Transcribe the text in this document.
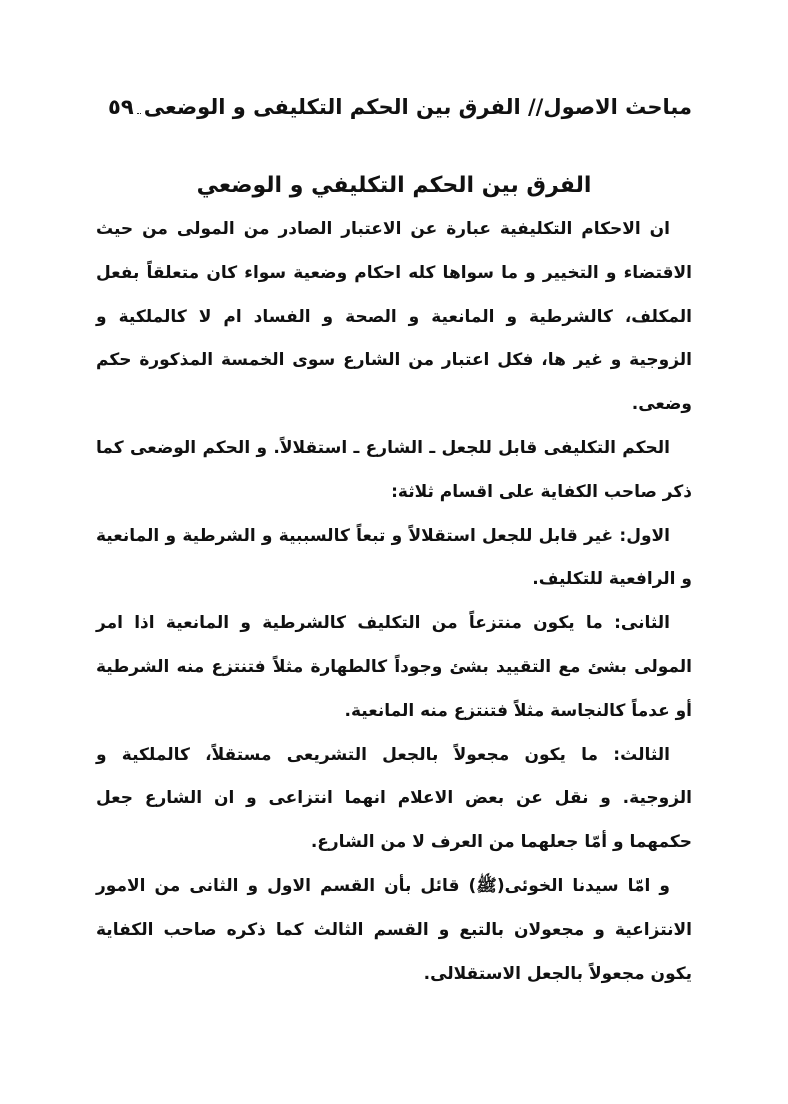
مباحث الاصول// الفرق بين الحكم التكليفى و الوضعى
٥٩
الفرق بين الحكم التكليفي و الوضعي

ان الاحكام التكليفية عبارة عن الاعتبار الصادر من المولى من حيث الاقتضاء و التخيير و ما سواها كله احكام وضعية سواء كان متعلقاً بفعل المكلف، كالشرطية و المانعية و الصحة و الفساد ام لا كالملكية و الزوجية و غير ها، فكل اعتبار من الشارع سوى الخمسة المذكورة حكم وضعى.

الحكم التكليفى قابل للجعل ـ الشارع ـ استقلالاً. و الحكم الوضعى كما ذكر صاحب الكفاية على اقسام ثلاثة:

الاول: غير قابل للجعل استقلالاً و تبعاً كالسببية و الشرطية و المانعية و الرافعية للتكليف.

الثانى: ما يكون منتزعاً من التكليف كالشرطية و المانعية اذا امر المولى بشئ مع التقييد بشئ وجوداً كالطهارة مثلاً فتنتزع منه الشرطية أو عدماً كالنجاسة مثلاً فتنتزع منه المانعية.

الثالث: ما يكون مجعولاً بالجعل التشريعى مستقلاً، كالملكية و الزوجية. و نقل عن بعض الاعلام انهما انتزاعى و ان الشارع جعل حكمهما و أمّا جعلهما من العرف لا من الشارع.

و امّا سيدنا الخوئى(ﷺ) قائل بأن القسم الاول و الثانى من الامور الانتزاعية و مجعولان بالتبع و القسم الثالث كما ذكره صاحب الكفاية يكون مجعولاً بالجعل الاستقلالى.
